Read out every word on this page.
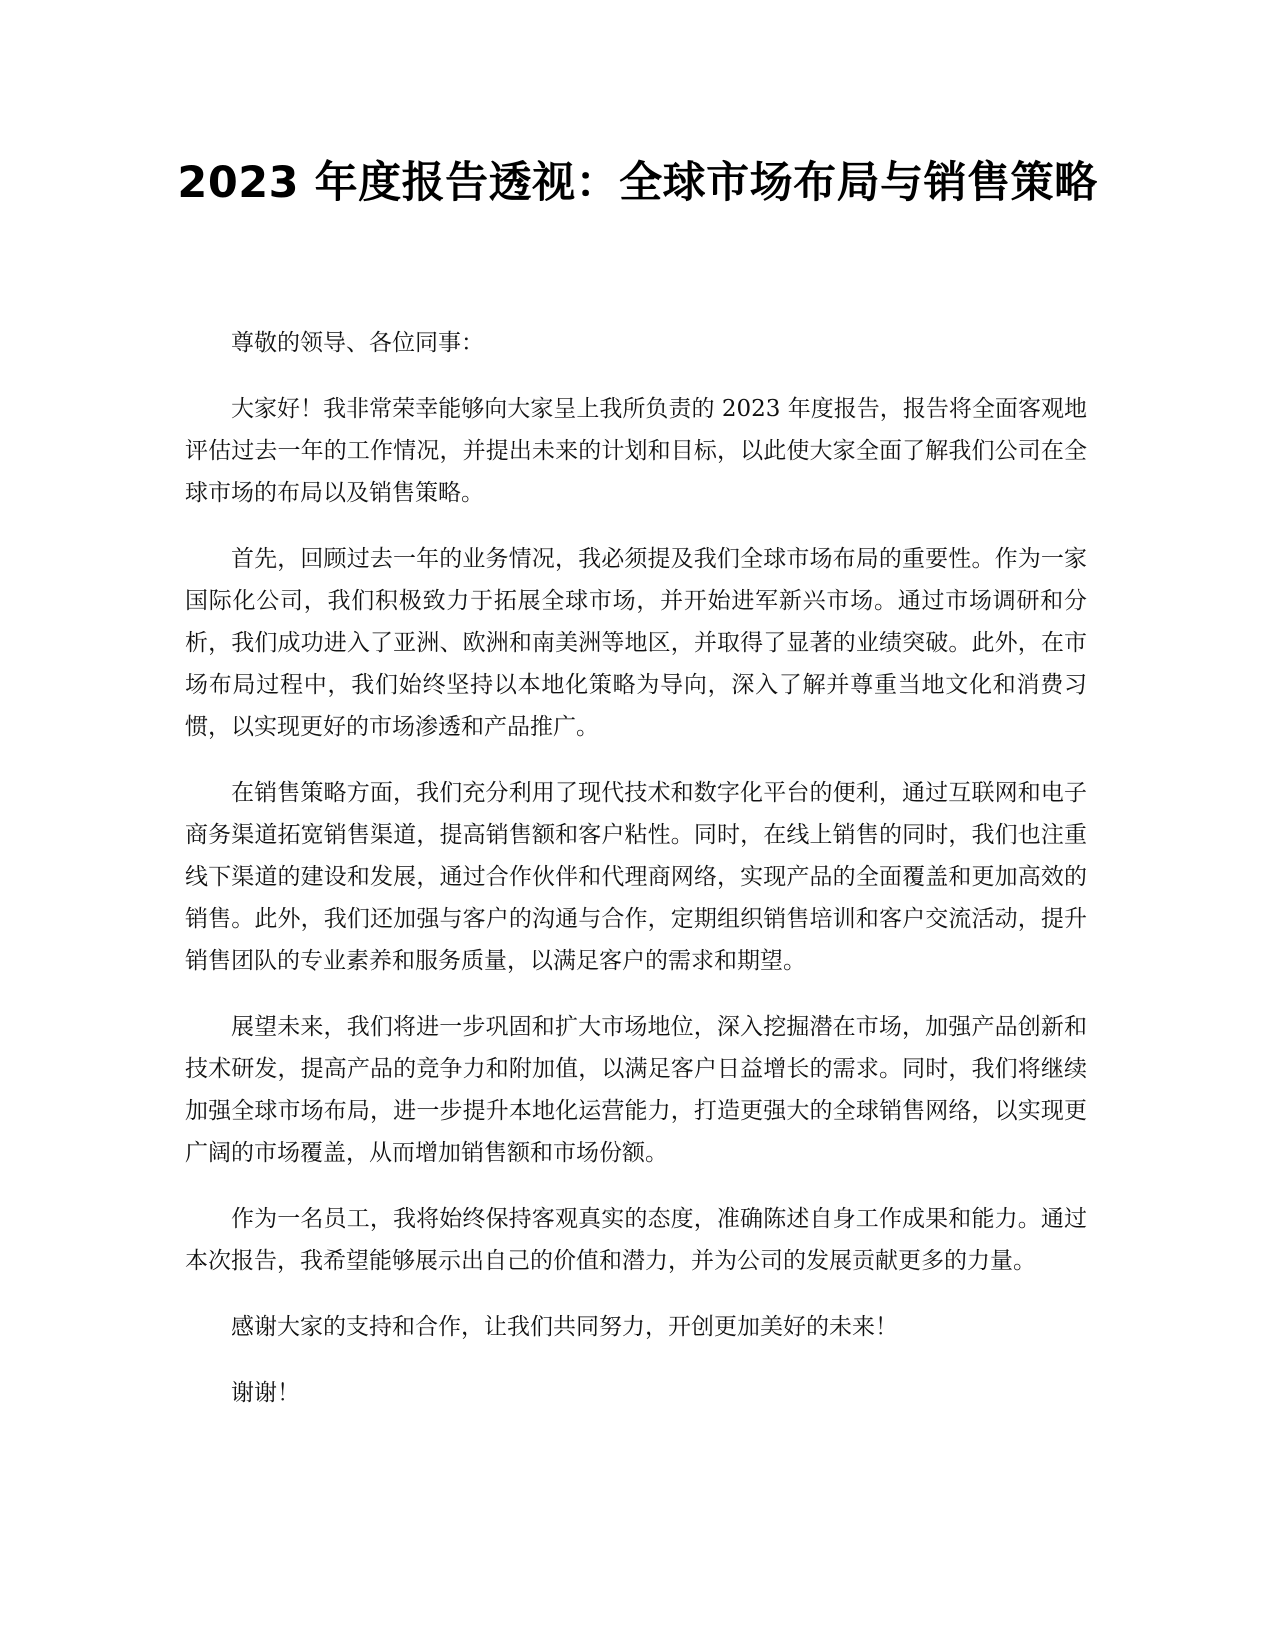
2023 年度报告透视：全球市场布局与销售策略

尊敬的领导、各位同事：

大家好！我非常荣幸能够向大家呈上我所负责的 2023 年度报告，报告将全面客观地评估过去一年的工作情况，并提出未来的计划和目标，以此使大家全面了解我们公司在全球市场的布局以及销售策略。

首先，回顾过去一年的业务情况，我必须提及我们全球市场布局的重要性。作为一家国际化公司，我们积极致力于拓展全球市场，并开始进军新兴市场。通过市场调研和分析，我们成功进入了亚洲、欧洲和南美洲等地区，并取得了显著的业绩突破。此外，在市场布局过程中，我们始终坚持以本地化策略为导向，深入了解并尊重当地文化和消费习惯，以实现更好的市场渗透和产品推广。

在销售策略方面，我们充分利用了现代技术和数字化平台的便利，通过互联网和电子商务渠道拓宽销售渠道，提高销售额和客户粘性。同时，在线上销售的同时，我们也注重线下渠道的建设和发展，通过合作伙伴和代理商网络，实现产品的全面覆盖和更加高效的销售。此外，我们还加强与客户的沟通与合作，定期组织销售培训和客户交流活动，提升销售团队的专业素养和服务质量，以满足客户的需求和期望。

展望未来，我们将进一步巩固和扩大市场地位，深入挖掘潜在市场，加强产品创新和技术研发，提高产品的竞争力和附加值，以满足客户日益增长的需求。同时，我们将继续加强全球市场布局，进一步提升本地化运营能力，打造更强大的全球销售网络，以实现更广阔的市场覆盖，从而增加销售额和市场份额。

作为一名员工，我将始终保持客观真实的态度，准确陈述自身工作成果和能力。通过本次报告，我希望能够展示出自己的价值和潜力，并为公司的发展贡献更多的力量。

感谢大家的支持和合作，让我们共同努力，开创更加美好的未来！

谢谢！
